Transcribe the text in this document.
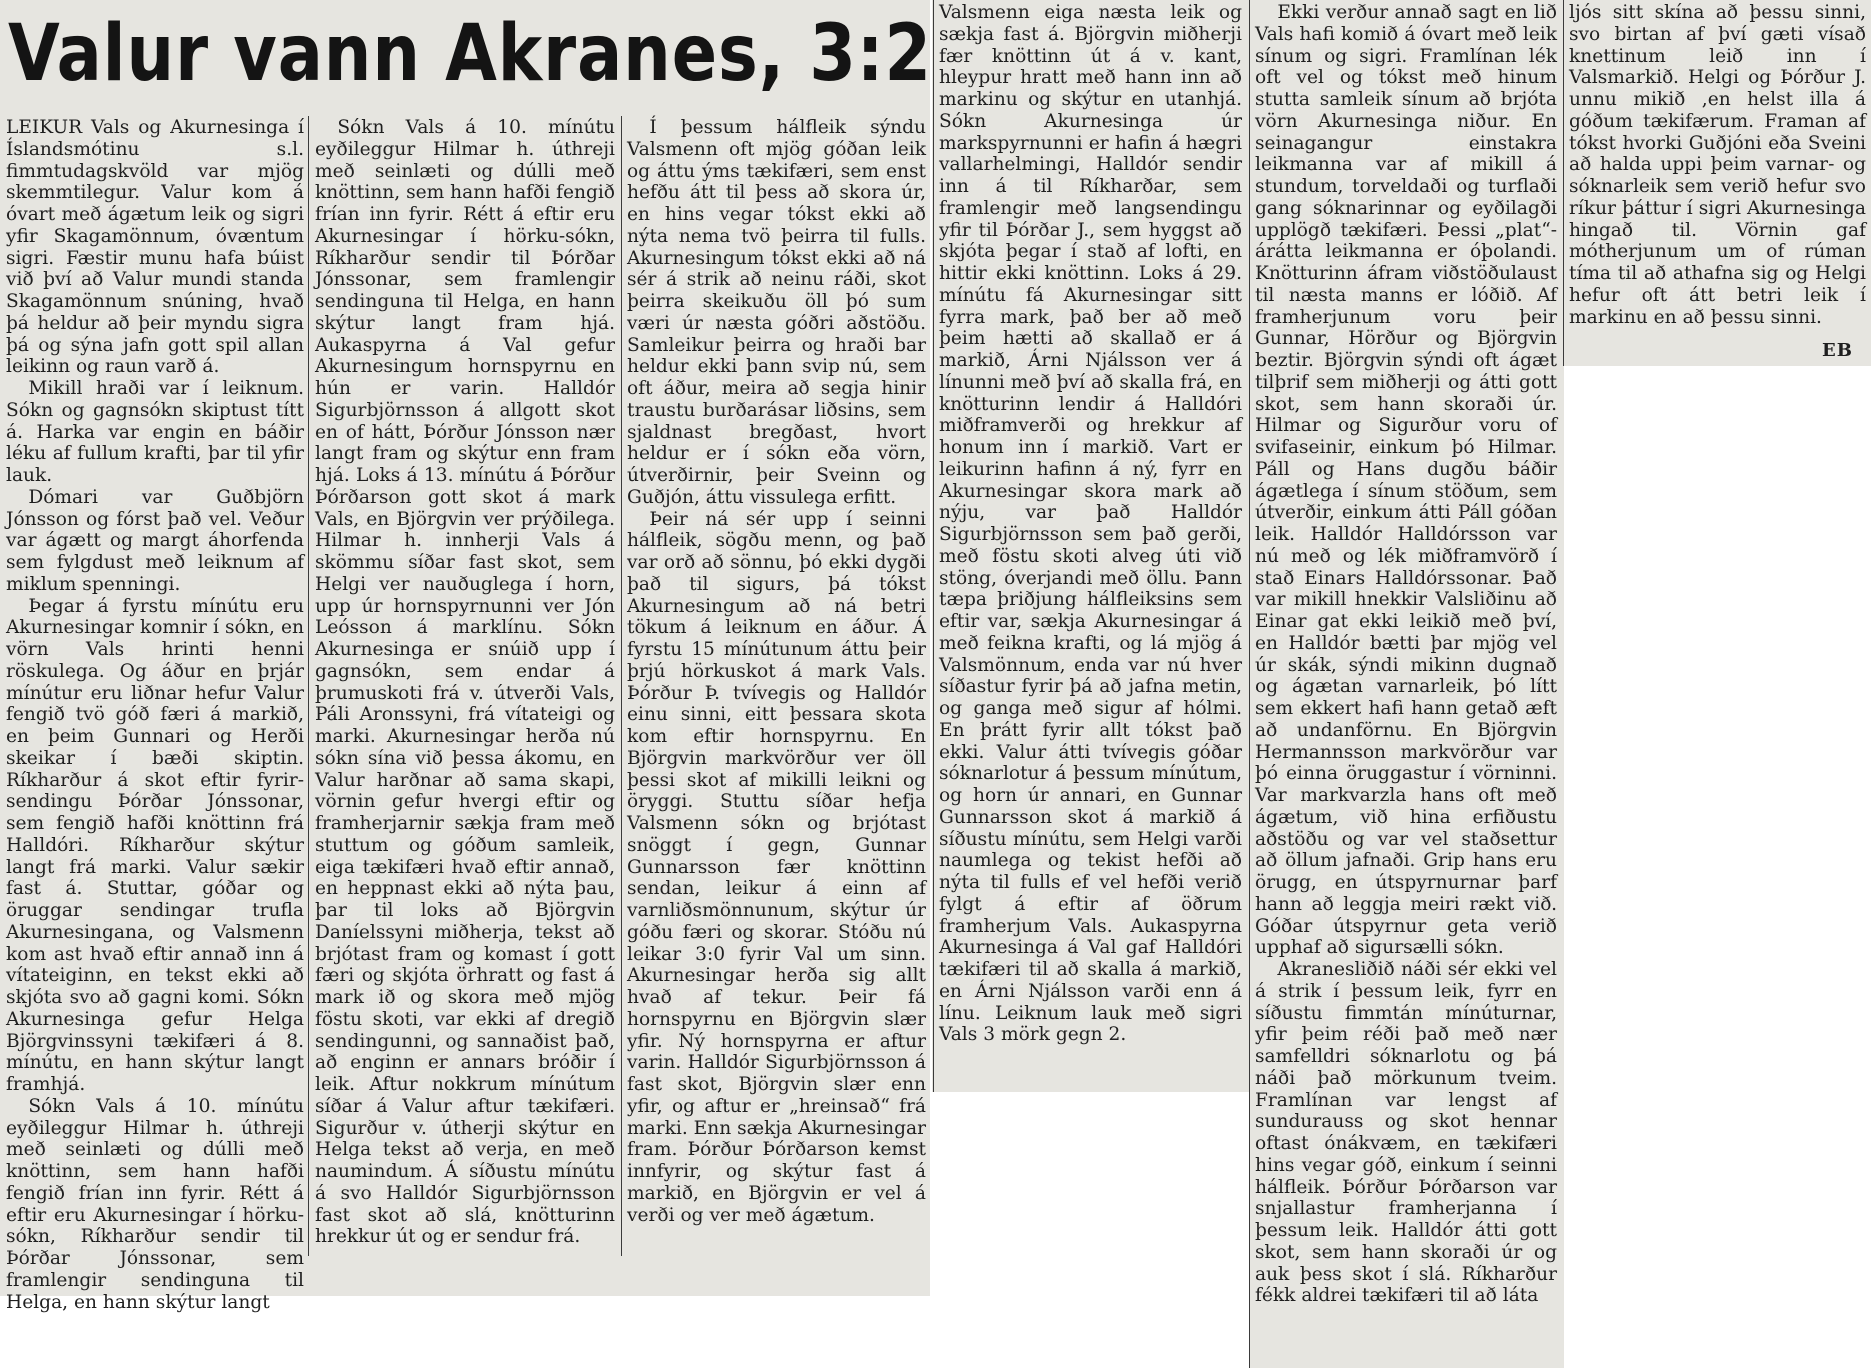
Valur vann Akranes, 3:2

LEIKUR Vals og Akurnesinga í Íslandsmótinu s.l. fimmtudagskvöld var mjög skemmtilegur. Valur kom á óvart með ágætum leik og sigri yfir Skagamönnum, óvæntum sigri. Fæstir munu hafa búist við því að Valur mundi standa Skagamönnum snúning, hvað þá heldur að þeir myndu sigra þá og sýna jafn gott spil allan leikinn og raun varð á.

Mikill hraði var í leiknum. Sókn og gagnsókn skiptust títt á. Harka var engin en báðir léku af fullum krafti, þar til yfir lauk.

Dómari var Guðbjörn Jónsson og fórst það vel. Veður var ágætt og margt áhorfenda sem fylgdust með leiknum af miklum spenningi.

Þegar á fyrstu mínútu eru Akurnesingar komnir í sókn, en vörn Vals hrinti henni röskulega. Og áður en þrjár mínútur eru liðnar hefur Valur fengið tvö góð færi á markið, en þeim Gunnari og Herði skeikar í bæði skiptin. Ríkharður á skot eftir fyrir-sendingu Þórðar Jónssonar, sem fengið hafði knöttinn frá Halldóri. Ríkharður skýtur langt frá marki. Valur sækir fast á. Stuttar, góðar og öruggar sendingar trufla Akurnesingana, og Valsmenn kom ast hvað eftir annað inn á vítateiginn, en tekst ekki að skjóta svo að gagni komi. Sókn Akurnesinga gefur Helga Björgvinssyni tækifæri á 8. mínútu, en hann skýtur langt framhjá.

Sókn Vals á 10. mínútu eyðileggur Hilmar h. úthreji með seinlæti og dúlli með knöttinn, sem hann hafði fengið frían inn fyrir. Rétt á eftir eru Akurnesingar í hörku-sókn, Ríkharður sendir til Þórðar Jónssonar, sem framlengir sendinguna til Helga, en hann skýtur langt

Sókn Vals á 10. mínútu eyðileggur Hilmar h. úthreji með seinlæti og dúlli með knöttinn, sem hann hafði fengið frían inn fyrir. Rétt á eftir eru Akurnesingar í hörku-sókn, Ríkharður sendir til Þórðar Jónssonar, sem framlengir sendinguna til Helga, en hann skýtur langt fram hjá. Aukaspyrna á Val gefur Akurnesingum hornspyrnu en hún er varin. Halldór Sigurbjörnsson á allgott skot en of hátt, Þórður Jónsson nær langt fram og skýtur enn fram hjá. Loks á 13. mínútu á Þórður Þórðarson gott skot á mark Vals, en Björgvin ver prýðilega. Hilmar h. innherji Vals á skömmu síðar fast skot, sem Helgi ver nauðuglega í horn, upp úr hornspyrnunni ver Jón Leósson á marklínu. Sókn Akurnesinga er snúið upp í gagnsókn, sem endar á þrumuskoti frá v. útverði Vals, Páli Aronssyni, frá vítateigi og marki. Akurnesingar herða nú sókn sína við þessa ákomu, en Valur harðnar að sama skapi, vörnin gefur hvergi eftir og framherjarnir sækja fram með stuttum og góðum samleik, eiga tækifæri hvað eftir annað, en heppnast ekki að nýta þau, þar til loks að Björgvin Daníelssyni miðherja, tekst að brjótast fram og komast í gott færi og skjóta örhratt og fast á mark ið og skora með mjög föstu skoti, var ekki af dregið sendingunni, og sannaðist það, að enginn er annars bróðir í leik. Aftur nokkrum mínútum síðar á Valur aftur tækifæri. Sigurður v. útherji skýtur en Helga tekst að verja, en með naumindum. Á síðustu mínútu á svo Halldór Sigurbjörnsson fast skot að slá, knötturinn hrekkur út og er sendur frá.

Í þessum hálfleik sýndu Valsmenn oft mjög góðan leik og áttu ýms tækifæri, sem enst hefðu átt til þess að skora úr, en hins vegar tókst ekki að nýta nema tvö þeirra til fulls. Akurnesingum tókst ekki að ná sér á strik að neinu ráði, skot þeirra skeikuðu öll þó sum væri úr næsta góðri aðstöðu. Samleikur þeirra og hraði bar heldur ekki þann svip nú, sem oft áður, meira að segja hinir traustu burðarásar liðsins, sem sjaldnast bregðast, hvort heldur er í sókn eða vörn, útverðirnir, þeir Sveinn og Guðjón, áttu vissulega erfitt.

Þeir ná sér upp í seinni hálfleik, sögðu menn, og það var orð að sönnu, þó ekki dygði það til sigurs, þá tókst Akurnesingum að ná betri tökum á leiknum en áður. Á fyrstu 15 mínútunum áttu þeir þrjú hörkuskot á mark Vals. Þórður Þ. tvívegis og Halldór einu sinni, eitt þessara skota kom eftir hornspyrnu. En Björgvin markvörður ver öll þessi skot af mikilli leikni og öryggi. Stuttu síðar hefja Valsmenn sókn og brjótast snöggt í gegn, Gunnar Gunnarsson fær knöttinn sendan, leikur á einn af varnliðsmönnunum, skýtur úr góðu færi og skorar. Stóðu nú leikar 3:0 fyrir Val um sinn. Akurnesingar herða sig allt hvað af tekur. Þeir fá hornspyrnu en Björgvin slær yfir. Ný hornspyrna er aftur varin. Halldór Sigurbjörnsson á fast skot, Björgvin slær enn yfir, og aftur er „hreinsað“ frá marki. Enn sækja Akurnesingar fram. Þórður Þórðarson kemst innfyrir, og skýtur fast á markið, en Björgvin er vel á verði og ver með ágætum.

Valsmenn eiga næsta leik og sækja fast á. Björgvin miðherji fær knöttinn út á v. kant, hleypur hratt með hann inn að markinu og skýtur en utanhjá. Sókn Akurnesinga úr markspyrnunni er hafin á hægri vallarhelmingi, Halldór sendir inn á til Ríkharðar, sem framlengir með langsendingu yfir til Þórðar J., sem hyggst að skjóta þegar í stað af lofti, en hittir ekki knöttinn. Loks á 29. mínútu fá Akurnesingar sitt fyrra mark, það ber að með þeim hætti að skallað er á markið, Árni Njálsson ver á línunni með því að skalla frá, en knötturinn lendir á Halldóri miðframverði og hrekkur af honum inn í markið. Vart er leikurinn hafinn á ný, fyrr en Akurnesingar skora mark að nýju, var það Halldór Sigurbjörnsson sem það gerði, með föstu skoti alveg úti við stöng, óverjandi með öllu. Þann tæpa þriðjung hálfleiksins sem eftir var, sækja Akurnesingar á með feikna krafti, og lá mjög á Valsmönnum, enda var nú hver síðastur fyrir þá að jafna metin, og ganga með sigur af hólmi. En þrátt fyrir allt tókst það ekki. Valur átti tvívegis góðar sóknarlotur á þessum mínútum, og horn úr annari, en Gunnar Gunnarsson skot á markið á síðustu mínútu, sem Helgi varði naumlega og tekist hefði að nýta til fulls ef vel hefði verið fylgt á eftir af öðrum framherjum Vals. Aukaspyrna Akurnesinga á Val gaf Halldóri tækifæri til að skalla á markið, en Árni Njálsson varði enn á línu. Leiknum lauk með sigri Vals 3 mörk gegn 2.

Ekki verður annað sagt en lið Vals hafi komið á óvart með leik sínum og sigri. Framlínan lék oft vel og tókst með hinum stutta samleik sínum að brjóta vörn Akurnesinga niður. En seinagangur einstakra leikmanna var af mikill á stundum, torveldaði og turflaði gang sóknarinnar og eyðilagði upplögð tækifæri. Þessi „plat“-árátta leikmanna er óþolandi. Knötturinn áfram viðstöðulaust til næsta manns er lóðið. Af framherjunum voru þeir Gunnar, Hörður og Björgvin beztir. Björgvin sýndi oft ágæt tilþrif sem miðherji og átti gott skot, sem hann skoraði úr. Hilmar og Sigurður voru of svifaseinir, einkum þó Hilmar. Páll og Hans dugðu báðir ágætlega í sínum stöðum, sem útverðir, einkum átti Páll góðan leik. Halldór Halldórsson var nú með og lék miðframvörð í stað Einars Halldórssonar. Það var mikill hnekkir Valsliðinu að Einar gat ekki leikið með því, en Halldór bætti þar mjög vel úr skák, sýndi mikinn dugnað og ágætan varnarleik, þó lítt sem ekkert hafi hann getað æft að undanförnu. En Björgvin Hermannsson markvörður var þó einna öruggastur í vörninni. Var markvarzla hans oft með ágætum, við hina erfiðustu aðstöðu og var vel staðsettur að öllum jafnaði. Grip hans eru örugg, en útspyrnurnar þarf hann að leggja meiri rækt við. Góðar útspyrnur geta verið upphaf að sigursælli sókn.

Akranesliðið náði sér ekki vel á strik í þessum leik, fyrr en síðustu fimmtán mínúturnar, yfir þeim réði það með nær samfelldri sóknarlotu og þá náði það mörkunum tveim. Framlínan var lengst af sundurauss og skot hennar oftast ónákvæm, en tækifæri hins vegar góð, einkum í seinni hálfleik. Þórður Þórðarson var snjallastur framherjanna í þessum leik. Halldór átti gott skot, sem hann skoraði úr og auk þess skot í slá. Ríkharður fékk aldrei tækifæri til að láta

ljós sitt skína að þessu sinni, svo birtan af því gæti vísað knettinum leið inn í Valsmarkið. Helgi og Þórður J. unnu mikið ,en helst illa á góðum tækifærum. Framan af tókst hvorki Guðjóni eða Sveini að halda uppi þeim varnar- og sóknarleik sem verið hefur svo ríkur þáttur í sigri Akurnesinga hingað til. Vörnin gaf mótherjunum um of rúman tíma til að athafna sig og Helgi hefur oft átt betri leik í markinu en að þessu sinni.

EB
